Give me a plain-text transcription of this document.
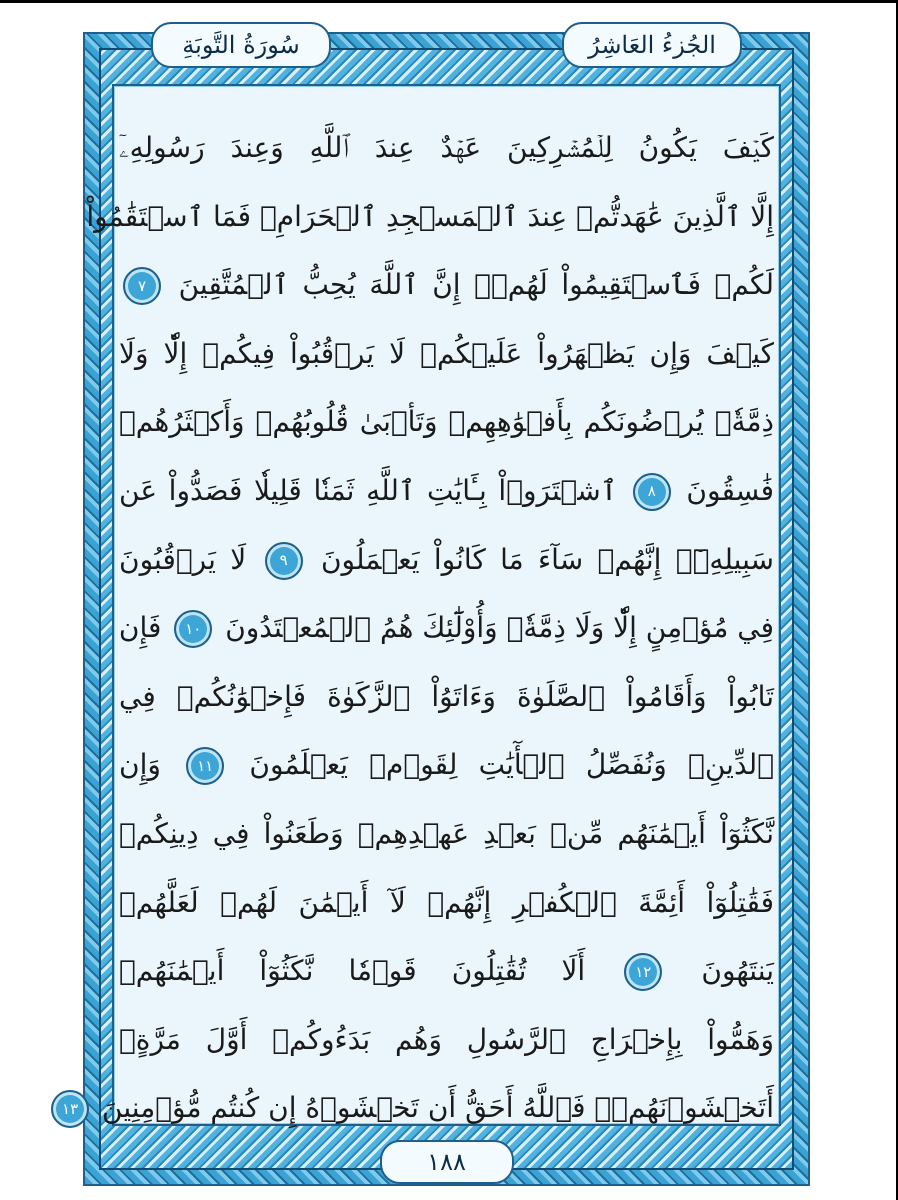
سُورَةُ التَّوبَةِ	الجُزءُ العَاشِرُ
كَيۡفَ يَكُونُ لِلۡمُشۡرِكِينَ عَهۡدٌ عِندَ ٱللَّهِ وَعِندَ رَسُولِهِۦٓ
إِلَّا ٱلَّذِينَ عَٰهَدتُّمۡ عِندَ ٱلۡمَسۡجِدِ ٱلۡحَرَامِۖ فَمَا ٱسۡتَقَٰمُواْ
لَكُمۡ فَٱسۡتَقِيمُواْ لَهُمۡۚ إِنَّ ٱللَّهَ يُحِبُّ ٱلۡمُتَّقِينَ ٧
كَيۡفَ وَإِن يَظۡهَرُواْ عَلَيۡكُمۡ لَا يَرۡقُبُواْ فِيكُمۡ إِلّٗا وَلَا
ذِمَّةٗۚ يُرۡضُونَكُم بِأَفۡوَٰهِهِمۡ وَتَأۡبَىٰ قُلُوبُهُمۡ وَأَكۡثَرُهُمۡ
فَٰسِقُونَ ٨ ٱشۡتَرَوۡاْ بِـَٔايَٰتِ ٱللَّهِ ثَمَنٗا قَلِيلٗا فَصَدُّواْ عَن
سَبِيلِهِۦٓۚ إِنَّهُمۡ سَآءَ مَا كَانُواْ يَعۡمَلُونَ ٩ لَا يَرۡقُبُونَ
فِي مُؤۡمِنٍ إِلّٗا وَلَا ذِمَّةٗۚ وَأُوْلَٰٓئِكَ هُمُ ٱلۡمُعۡتَدُونَ ١٠ فَإِن
تَابُواْ وَأَقَامُواْ ٱلصَّلَوٰةَ وَءَاتَوُاْ ٱلزَّكَوٰةَ فَإِخۡوَٰنُكُمۡ فِي
ٱلدِّينِۗ وَنُفَصِّلُ ٱلۡأٓيَٰتِ لِقَوۡمٖ يَعۡلَمُونَ ١١ وَإِن
نَّكَثُوٓاْ أَيۡمَٰنَهُم مِّنۢ بَعۡدِ عَهۡدِهِمۡ وَطَعَنُواْ فِي دِينِكُمۡ
فَقَٰتِلُوٓاْ أَئِمَّةَ ٱلۡكُفۡرِ إِنَّهُمۡ لَآ أَيۡمَٰنَ لَهُمۡ لَعَلَّهُمۡ
يَنتَهُونَ ١٢ أَلَا تُقَٰتِلُونَ قَوۡمٗا نَّكَثُوٓاْ أَيۡمَٰنَهُمۡ
وَهَمُّواْ بِإِخۡرَاجِ ٱلرَّسُولِ وَهُم بَدَءُوكُمۡ أَوَّلَ مَرَّةٍۚ
أَتَخۡشَوۡنَهُمۡۚ فَٱللَّهُ أَحَقُّ أَن تَخۡشَوۡهُ إِن كُنتُم مُّؤۡمِنِينَ ١٣
١٨٨
